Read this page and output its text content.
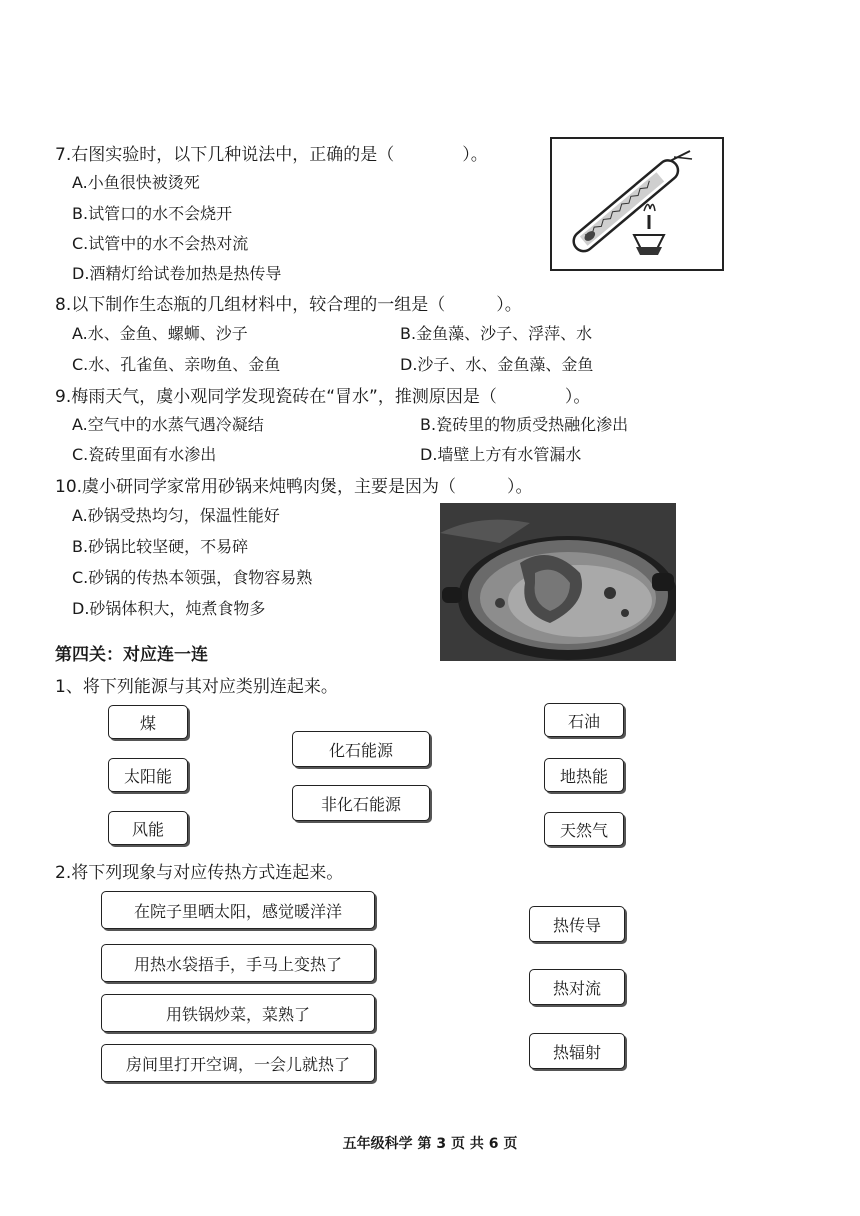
7.右图实验时，以下几种说法中，正确的是（　　　　）。
A.小鱼很快被烫死
B.试管口的水不会烧开
C.试管中的水不会热对流
D.酒精灯给试卷加热是热传导
8.以下制作生态瓶的几组材料中，较合理的一组是（　　　）。
A.水、金鱼、螺蛳、沙子	B.金鱼藻、沙子、浮萍、水
C.水、孔雀鱼、亲吻鱼、金鱼	D.沙子、水、金鱼藻、金鱼
9.梅雨天气，虞小观同学发现瓷砖在“冒水”，推测原因是（　　　　）。
A.空气中的水蒸气遇冷凝结	B.瓷砖里的物质受热融化渗出
C.瓷砖里面有水渗出	D.墙壁上方有水管漏水
10.虞小研同学家常用砂锅来炖鸭肉煲，主要是因为（　　　）。
A.砂锅受热均匀，保温性能好
B.砂锅比较坚硬，不易碎
C.砂锅的传热本领强，食物容易熟
D.砂锅体积大，炖煮食物多
第四关：对应连一连
1、将下列能源与其对应类别连起来。
煤
太阳能
风能
化石能源
非化石能源
石油
地热能
天然气
2.将下列现象与对应传热方式连起来。
在院子里晒太阳，感觉暖洋洋
用热水袋捂手，手马上变热了
用铁锅炒菜，菜熟了
房间里打开空调，一会儿就热了
热传导
热对流
热辐射
五年级科学 第 3 页 共 6 页
